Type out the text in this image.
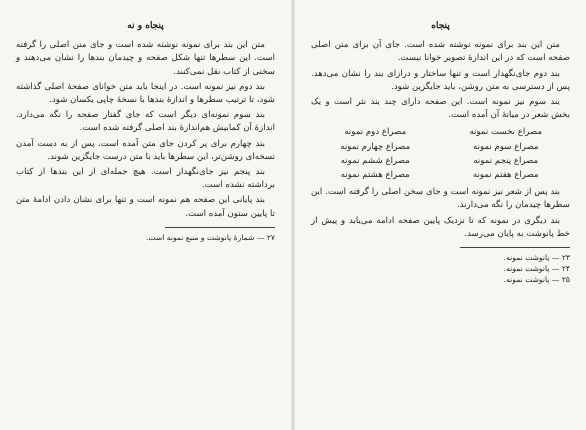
پنجاه و نه

متن این بند برای نمونه نوشته شده است و جای متن اصلی را گرفته است. این سطرها تنها شکل صفحه و چیدمان بندها را نشان می‌دهند و سخنی از کتاب نقل نمی‌کنند.

بند دوم نیز نمونه است. در اینجا باید متن خوانای صفحهٔ اصلی گذاشته شود، تا ترتیب سطرها و اندازهٔ بندها با نسخهٔ چاپی یکسان شود.

بند سوم نمونه‌ای دیگر است که جای گفتار صفحه را نگه می‌دارد. اندازهٔ آن کمابیش هم‌اندازهٔ بند اصلی گرفته شده است.

بند چهارم برای پر کردن جای متن آمده است. پس از به دست آمدن نسخه‌ای روشن‌تر، این سطرها باید با متن درست جایگزین شوند.

بند پنجم نیز جای‌نگهدار است. هیچ جمله‌ای از این بندها از کتاب برداشته نشده است.

بند پایانی این صفحه هم نمونه است و تنها برای نشان دادن ادامهٔ متن تا پایین ستون آمده است.

۲۷ — شمارهٔ پانوشت و منبع نمونه است.

پنجاه

متن این بند برای نمونه نوشته شده است. جای آن برای متن اصلی صفحه است که در این اندازهٔ تصویر خوانا نیست.

بند دوم جای‌نگهدار است و تنها ساختار و درازای بند را نشان می‌دهد. پس از دسترسی به متن روشن، باید جایگزین شود.

بند سوم نیز نمونه است. این صفحه دارای چند بند نثر است و یک بخش شعر در میانهٔ آن آمده است.

مصراع نخست نمونه
مصراع دوم نمونه
مصراع سوم نمونه
مصراع چهارم نمونه
مصراع پنجم نمونه
مصراع ششم نمونه
مصراع هفتم نمونه
مصراع هشتم نمونه

بند پس از شعر نیز نمونه است و جای سخن اصلی را گرفته است. این سطرها چیدمان را نگه می‌دارند.

بند دیگری در نمونه که تا نزدیک پایین صفحه ادامه می‌یابد و پیش از خط پانوشت به پایان می‌رسد.

۲۳ — پانوشت نمونه.

۲۴ — پانوشت نمونه.

۲۵ — پانوشت نمونه.
